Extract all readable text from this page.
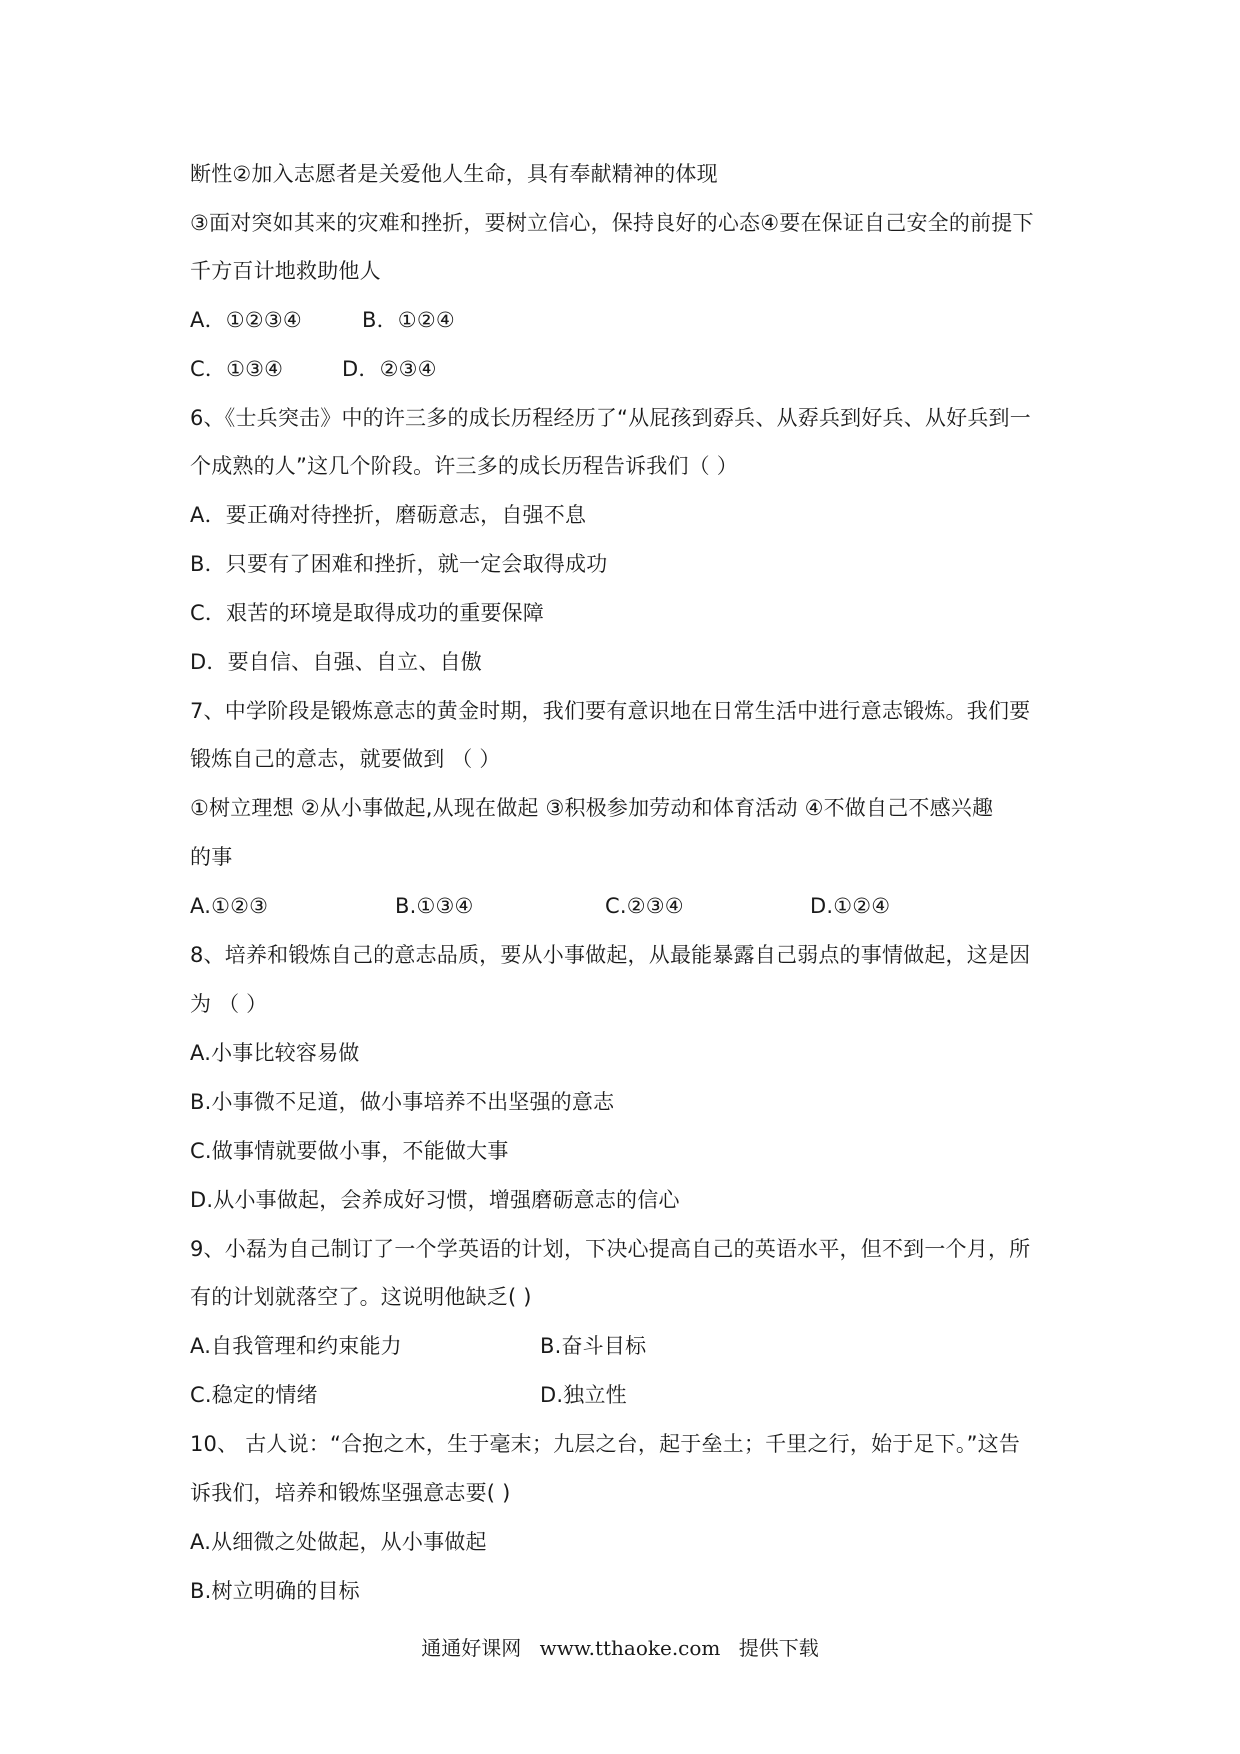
断性②加入志愿者是关爱他人生命，具有奉献精神的体现
③面对突如其来的灾难和挫折，要树立信心，保持良好的心态④要在保证自己安全的前提下
千方百计地救助他人
A．①②③④	B．①②④
C．①③④	D．②③④
6、《士兵突击》中的许三多的成长历程经历了“从屁孩到孬兵、从孬兵到好兵、从好兵到一
个成熟的人”这几个阶段。许三多的成长历程告诉我们（ ）
A．要正确对待挫折，磨砺意志，自强不息
B．只要有了困难和挫折，就一定会取得成功
C．艰苦的环境是取得成功的重要保障
D．要自信、自强、自立、自傲
7、中学阶段是锻炼意志的黄金时期，我们要有意识地在日常生活中进行意志锻炼。我们要
锻炼自己的意志，就要做到 （ ）
①树立理想 ②从小事做起,从现在做起 ③积极参加劳动和体育活动 ④不做自己不感兴趣
的事
A.①②③	B.①③④	C.②③④	D.①②④
8、培养和锻炼自己的意志品质，要从小事做起，从最能暴露自己弱点的事情做起，这是因
为 （ ）
A.小事比较容易做
B.小事微不足道，做小事培养不出坚强的意志
C.做事情就要做小事，不能做大事
D.从小事做起，会养成好习惯，增强磨砺意志的信心
9、小磊为自己制订了一个学英语的计划，下决心提高自己的英语水平，但不到一个月，所
有的计划就落空了。这说明他缺乏( )
A.自我管理和约束能力	B.奋斗目标
C.稳定的情绪	D.独立性
10、 古人说：“合抱之木，生于毫末；九层之台，起于垒土；千里之行，始于足下。”这告
诉我们，培养和锻炼坚强意志要( )
A.从细微之处做起，从小事做起
B.树立明确的目标
通通好课网 www.tthaoke.com 提供下载
